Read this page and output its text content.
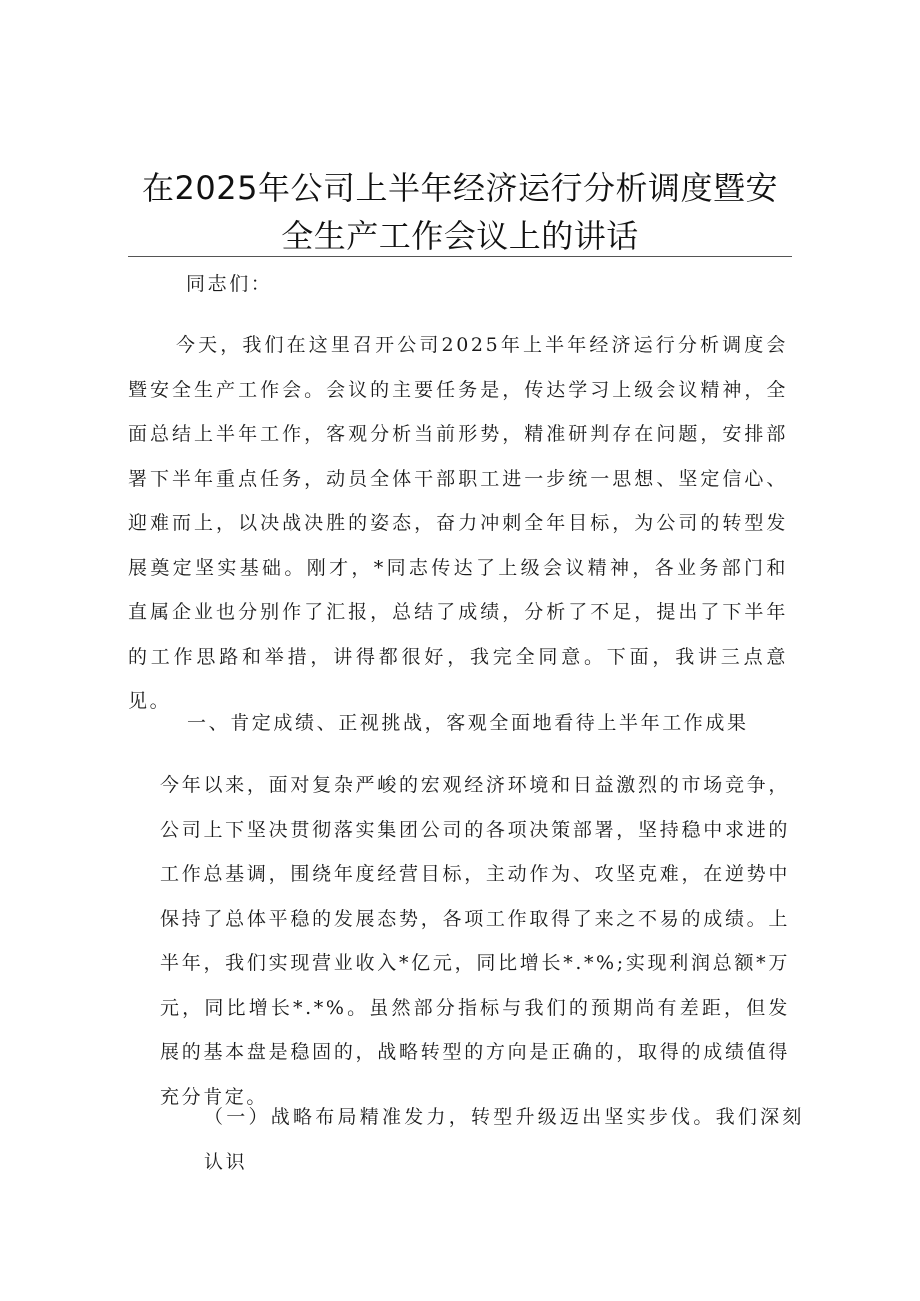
在2025年公司上半年经济运行分析调度暨安
全生产工作会议上的讲话

同志们：

今天，我们在这里召开公司2025年上半年经济运行分析调度会暨安全生产工作会。会议的主要任务是，传达学习上级会议精神，全面总结上半年工作，客观分析当前形势，精准研判存在问题，安排部署下半年重点任务，动员全体干部职工进一步统一思想、坚定信心、迎难而上，以决战决胜的姿态，奋力冲刺全年目标，为公司的转型发展奠定坚实基础。刚才，*同志传达了上级会议精神，各业务部门和直属企业也分别作了汇报，总结了成绩，分析了不足，提出了下半年的工作思路和举措，讲得都很好，我完全同意。下面，我讲三点意见。

一、肯定成绩、正视挑战，客观全面地看待上半年工作成果

今年以来，面对复杂严峻的宏观经济环境和日益激烈的市场竞争，公司上下坚决贯彻落实集团公司的各项决策部署，坚持稳中求进的工作总基调，围绕年度经营目标，主动作为、攻坚克难，在逆势中保持了总体平稳的发展态势，各项工作取得了来之不易的成绩。上半年，我们实现营业收入*亿元，同比增长*.*%;实现利润总额*万元，同比增长*.*%。虽然部分指标与我们的预期尚有差距，但发展的基本盘是稳固的，战略转型的方向是正确的，取得的成绩值得充分肯定。

（一）战略布局精准发力，转型升级迈出坚实步伐。我们深刻认识
